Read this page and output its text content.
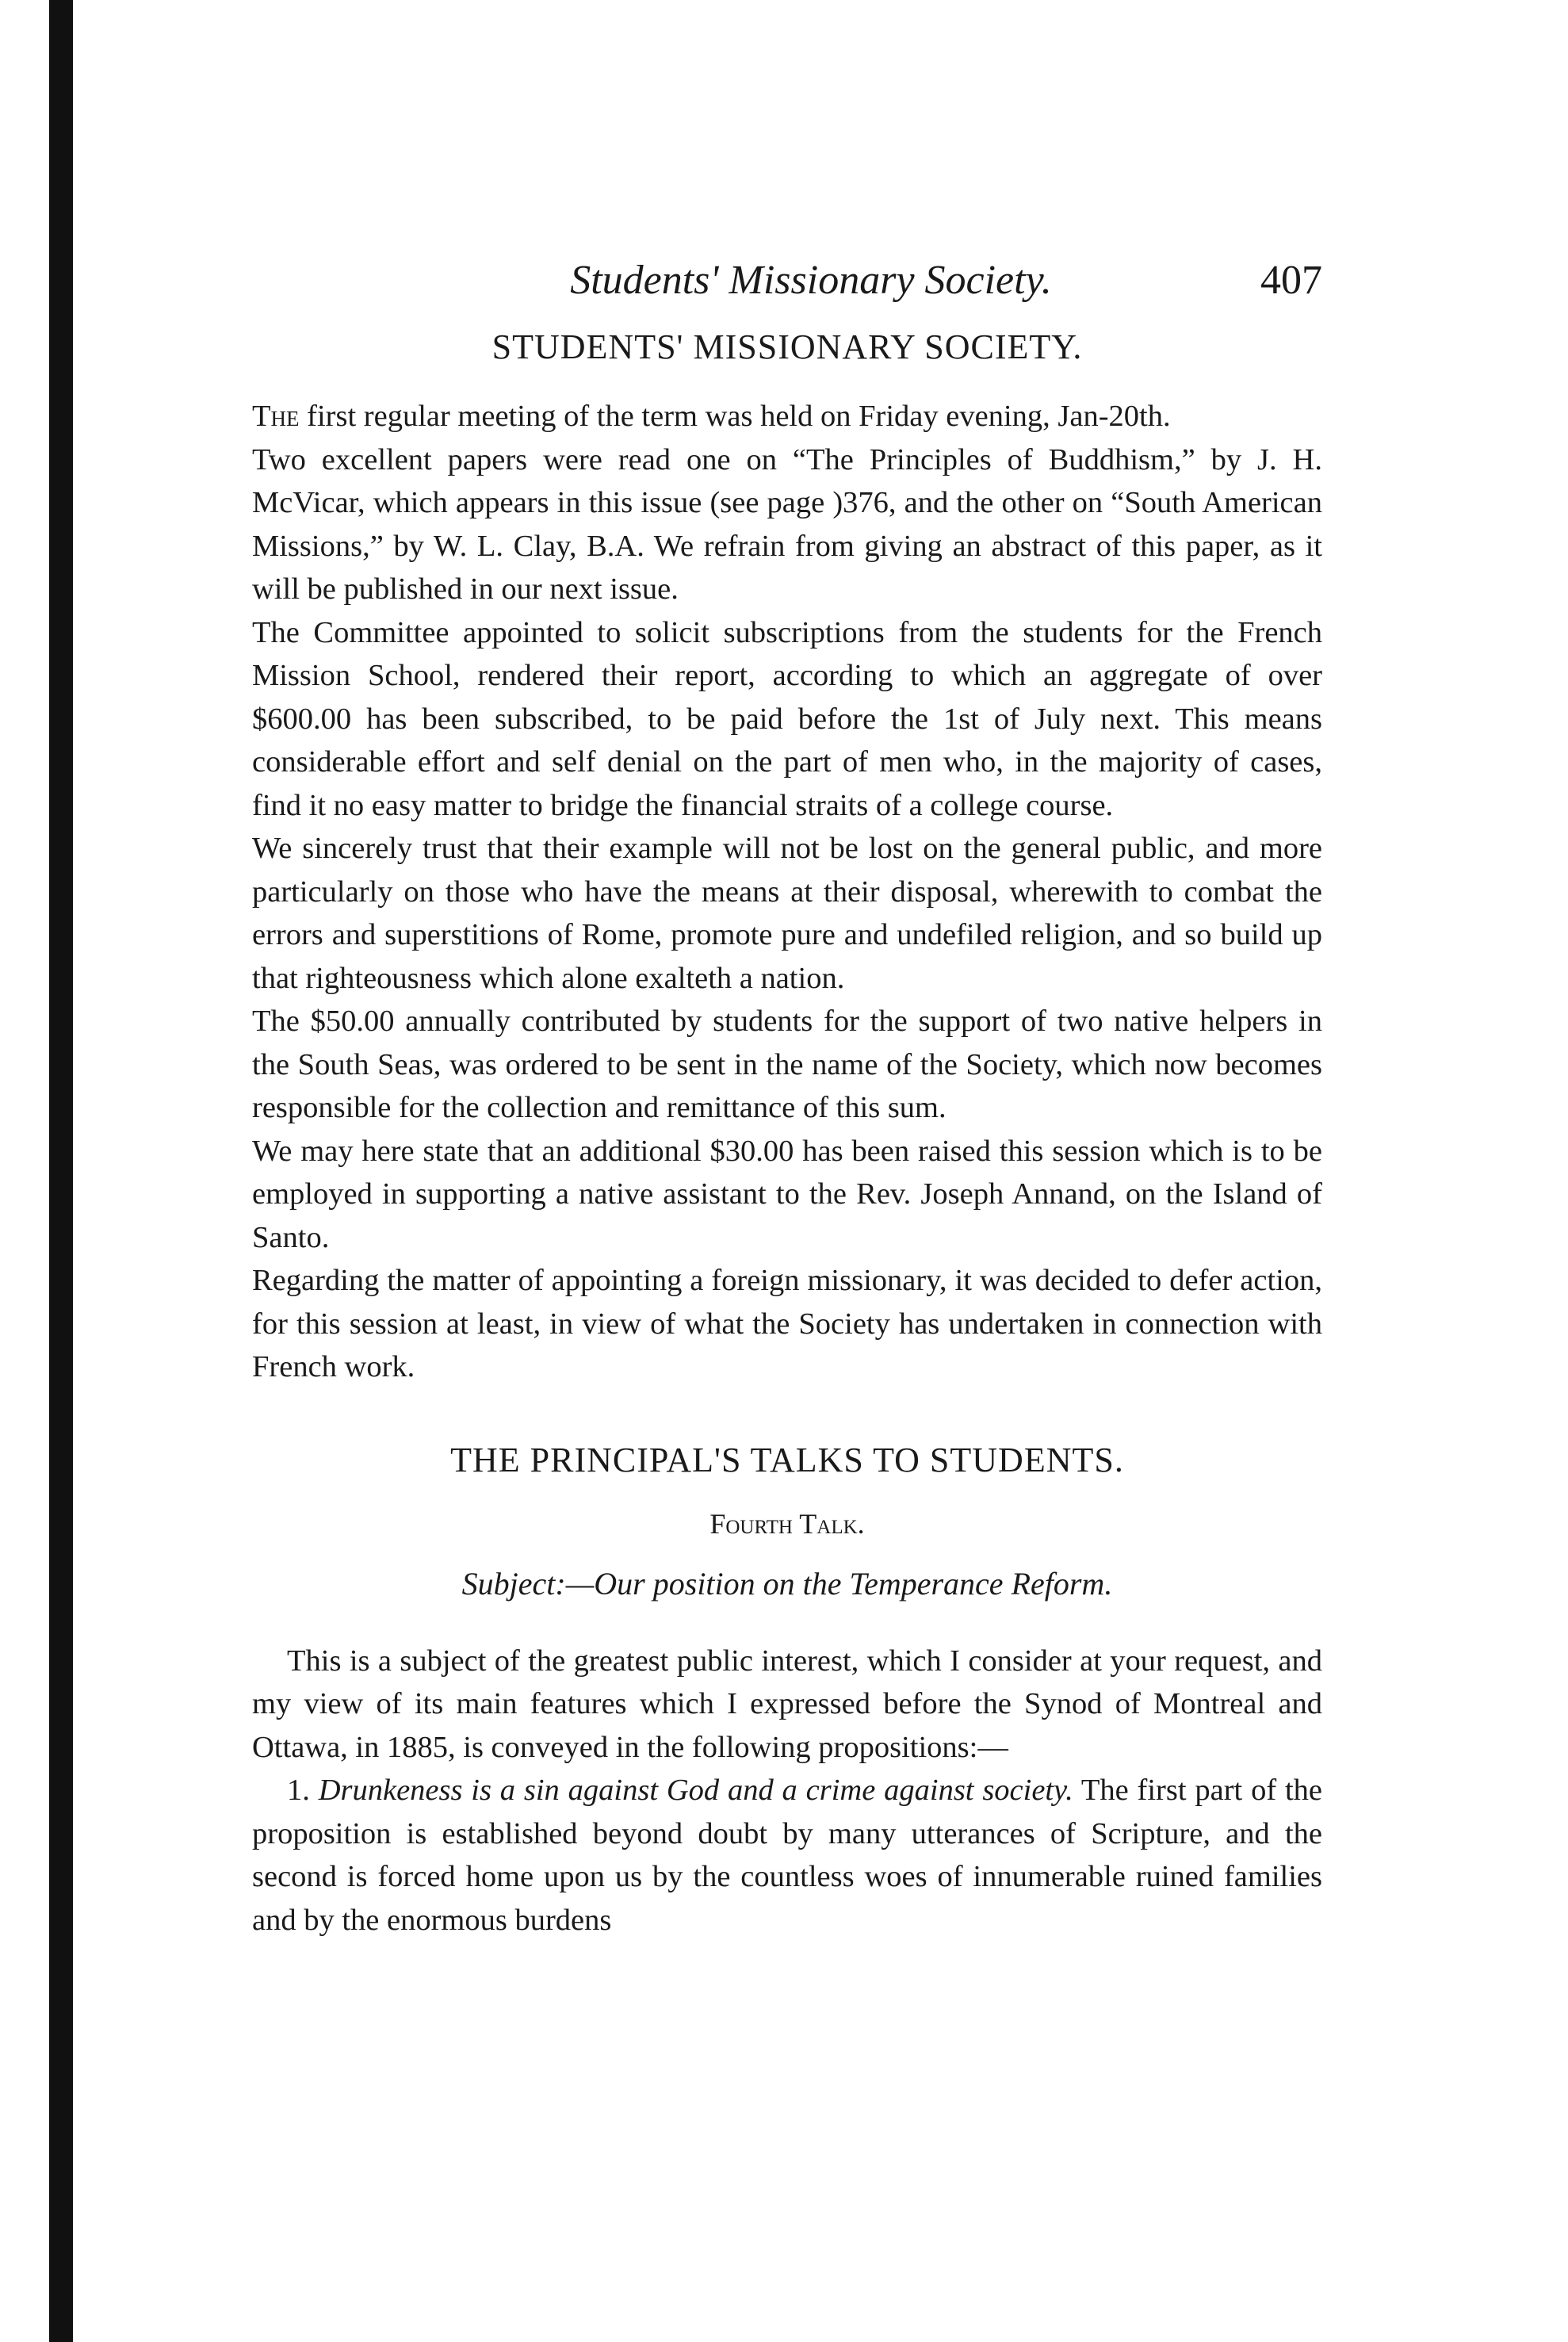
Students' Missionary Society.	407
STUDENTS' MISSIONARY SOCIETY.

The first regular meeting of the term was held on Friday evening, Jan-20th.

Two excellent papers were read one on “The Principles of Buddhism,” by J. H. McVicar, which appears in this issue (see page )376, and the other on “South American Missions,” by W. L. Clay, B.A. We refrain from giving an abstract of this paper, as it will be published in our next issue.

The Committee appointed to solicit subscriptions from the students for the French Mission School, rendered their report, according to which an aggregate of over $600.00 has been subscribed, to be paid before the 1st of July next. This means considerable effort and self denial on the part of men who, in the majority of cases, find it no easy matter to bridge the financial straits of a college course.

We sincerely trust that their example will not be lost on the general public, and more particularly on those who have the means at their disposal, wherewith to combat the errors and superstitions of Rome, promote pure and undefiled religion, and so build up that righteousness which alone exalteth a nation.

The $50.00 annually contributed by students for the support of two native helpers in the South Seas, was ordered to be sent in the name of the Society, which now becomes responsible for the collection and remittance of this sum.

We may here state that an additional $30.00 has been raised this session which is to be employed in supporting a native assistant to the Rev. Joseph Annand, on the Island of Santo.

Regarding the matter of appointing a foreign missionary, it was decided to defer action, for this session at least, in view of what the Society has undertaken in connection with French work.

THE PRINCIPAL'S TALKS TO STUDENTS.
Fourth Talk.
Subject:—Our position on the Temperance Reform.

This is a subject of the greatest public interest, which I consider at your request, and my view of its main features which I expressed before the Synod of Montreal and Ottawa, in 1885, is conveyed in the following propositions:—

1. Drunkeness is a sin against God and a crime against society. The first part of the proposition is established beyond doubt by many utterances of Scripture, and the second is forced home upon us by the countless woes of innumerable ruined families and by the enormous burdens
